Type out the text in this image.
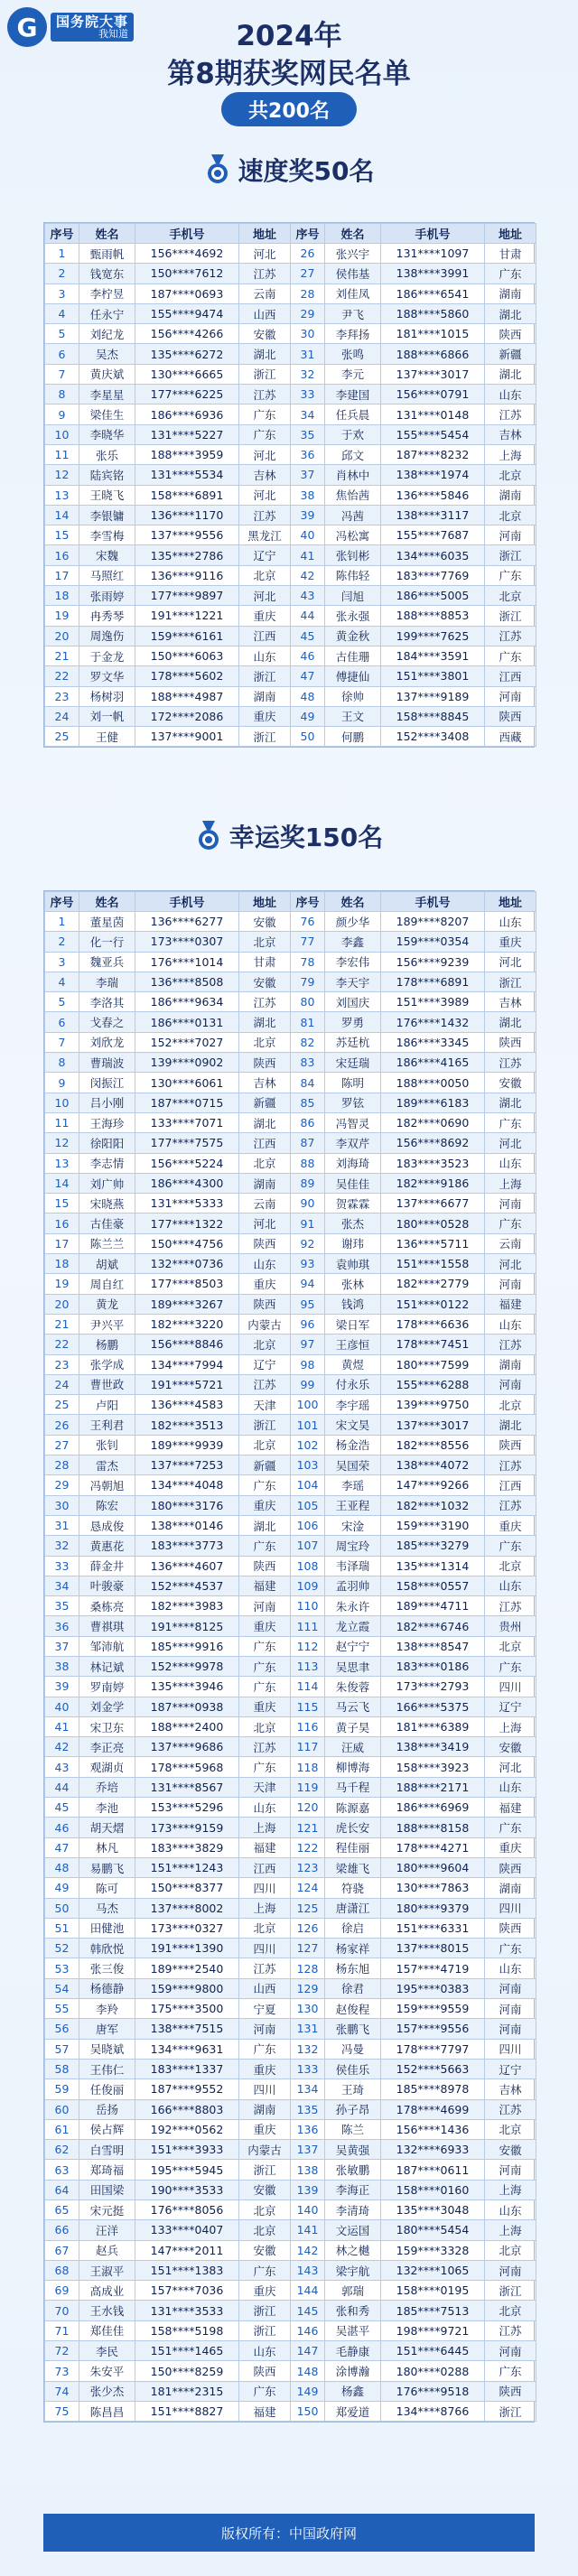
G	国务院大事
我知道	2024年
第8期获奖网民名单
共200名
速度奖50名
序号	姓名	手机号	地址	序号	姓名	手机号	地址
1	甄雨帆	156****4692	河北	26	张兴宇	131****1097	甘肃
2	钱宽东	150****7612	江苏	27	侯伟基	138****3991	广东
3	李柠昱	187****0693	云南	28	刘佳凤	186****6541	湖南
4	任永宁	155****9474	山西	29	尹飞	188****5860	湖北
5	刘纪龙	156****4266	安徽	30	李拜扬	181****1015	陕西
6	吴杰	135****6272	湖北	31	张鸣	188****6866	新疆
7	黄庆斌	130****6665	浙江	32	李元	137****3017	湖北
8	李星星	177****6225	江苏	33	李建国	156****0791	山东
9	梁佳生	186****6936	广东	34	任兵晨	131****0148	江苏
10	李晓华	131****5227	广东	35	于欢	155****5454	吉林
11	张乐	188****3959	河北	36	邱文	187****8232	上海
12	陆宾铭	131****5534	吉林	37	肖林中	138****1974	北京
13	王晓飞	158****6891	河北	38	焦怡茜	136****5846	湖南
14	李银镛	136****1170	江苏	39	冯茜	138****3117	北京
15	李雪梅	137****9556	黑龙江	40	冯松寓	155****7687	河南
16	宋魏	135****2786	辽宁	41	张钊彬	134****6035	浙江
17	马照红	136****9116	北京	42	陈伟轻	183****7769	广东
18	张雨婷	177****9897	河北	43	闫旭	186****5005	北京
19	冉秀琴	191****1221	重庆	44	张永强	188****8853	浙江
20	周逸伤	159****6161	江西	45	黄金秋	199****7625	江苏
21	于金龙	150****6063	山东	46	古佳珊	184****3591	广东
22	罗文华	178****5602	浙江	47	傅捷仙	151****3801	江西
23	杨树羽	188****4987	湖南	48	徐帅	137****9189	河南
24	刘一帆	172****2086	重庆	49	王文	158****8845	陕西
25	王健	137****9001	浙江	50	何鹏	152****3408	西藏
幸运奖150名
序号	姓名	手机号	地址	序号	姓名	手机号	地址
1	董星茵	136****6277	安徽	76	颜少华	189****8207	山东
2	化一行	173****0307	北京	77	李鑫	159****0354	重庆
3	魏亚兵	176****1014	甘肃	78	李宏伟	156****9239	河北
4	李瑞	136****8508	安徽	79	李天宇	178****6891	浙江
5	李洛其	186****9634	江苏	80	刘国庆	151****3989	吉林
6	戈春之	186****0131	湖北	81	罗勇	176****1432	湖北
7	刘欣龙	152****7027	北京	82	苏廷杭	186****3345	陕西
8	曹瑞波	139****0902	陕西	83	宋廷瑞	186****4165	江苏
9	闵振江	130****6061	吉林	84	陈明	188****0050	安徽
10	吕小刚	187****0715	新疆	85	罗铉	189****6183	湖北
11	王海珍	133****7071	湖北	86	冯智灵	182****0690	广东
12	徐阳阳	177****7575	江西	87	李双芹	156****8692	河北
13	李志情	156****5224	北京	88	刘海琦	183****3523	山东
14	刘广帅	186****4300	湖南	89	吴佳佳	182****9186	上海
15	宋晓燕	131****5333	云南	90	贺霖霖	137****6677	河南
16	古佳豪	177****1322	河北	91	张杰	180****0528	广东
17	陈兰兰	150****4756	陕西	92	谢玮	136****5711	云南
18	胡斌	132****0736	山东	93	袁帅琪	151****1558	河北
19	周自红	177****8503	重庆	94	张林	182****2779	河南
20	黄龙	189****3267	陕西	95	钱鸿	151****0122	福建
21	尹兴平	182****3220	内蒙古	96	梁日军	178****6636	山东
22	杨鹏	156****8846	北京	97	王彦恒	178****7451	江苏
23	张学成	134****7994	辽宁	98	黄煜	180****7599	湖南
24	曹世政	191****5721	江苏	99	付永乐	155****6288	河南
25	卢阳	136****4583	天津	100	李宇瑶	139****9750	北京
26	王利君	182****3513	浙江	101	宋文昊	137****3017	湖北
27	张钊	189****9939	北京	102	杨金浩	182****8556	陕西
28	雷杰	137****7253	新疆	103	吴国荣	138****4072	江苏
29	冯朝旭	134****4048	广东	104	李瑶	147****9266	江西
30	陈宏	180****3176	重庆	105	王亚程	182****1032	江苏
31	恳成俊	138****0146	湖北	106	宋淦	159****3190	重庆
32	黄惠花	183****3773	广东	107	周宝玲	185****3279	广东
33	薛金井	136****4607	陕西	108	韦泽瑞	135****1314	北京
34	叶骏豪	152****4537	福建	109	孟羽帅	158****0557	山东
35	桑栋亮	182****3983	河南	110	朱永许	189****4711	江苏
36	曹祺琪	191****8125	重庆	111	龙立霞	182****6746	贵州
37	邹沛航	185****9916	广东	112	赵宁宁	138****8547	北京
38	林记斌	152****9978	广东	113	吴思聿	183****0186	广东
39	罗南婷	135****3946	广东	114	朱俊蓉	173****2793	四川
40	刘金学	187****0938	重庆	115	马云飞	166****5375	辽宁
41	宋卫东	188****2400	北京	116	黄子昊	181****6389	上海
42	李正亮	137****9686	江苏	117	汪威	138****3419	安徽
43	观湖贞	178****5968	广东	118	柳博海	158****3923	河北
44	乔培	131****8567	天津	119	马千程	188****2171	山东
45	李池	153****5296	山东	120	陈源嘉	186****6969	福建
46	胡天熠	173****9159	上海	121	虎长安	188****8158	广东
47	林凡	183****3829	福建	122	程佳丽	178****4271	重庆
48	易鹏飞	151****1243	江西	123	梁雄飞	180****9604	陕西
49	陈可	150****8377	四川	124	符骁	130****7863	湖南
50	马杰	137****8002	上海	125	唐潇江	180****9379	四川
51	田健池	173****0327	北京	126	徐启	151****6331	陕西
52	韩欣悦	191****1390	四川	127	杨家祥	137****8015	广东
53	张三俊	189****2540	江苏	128	杨东旭	157****4719	山东
54	杨德静	159****9800	山西	129	徐君	195****0383	河南
55	李羚	175****3500	宁夏	130	赵俊程	159****9559	河南
56	唐军	138****7515	河南	131	张鹏飞	157****9556	河南
57	吴晓斌	134****9631	广东	132	冯曼	178****7797	四川
58	王伟仁	183****1337	重庆	133	侯佳乐	152****5663	辽宁
59	任俊丽	187****9552	四川	134	王琦	185****8978	吉林
60	岳扬	166****8803	湖南	135	孙子昂	178****4699	江苏
61	侯占辉	192****0562	重庆	136	陈兰	156****1436	北京
62	白雪明	151****3933	内蒙古	137	吴黄强	132****6933	安徽
63	郑琦福	195****5945	浙江	138	张敏鹏	187****0611	河南
64	田国梁	190****3533	安徽	139	李海正	158****0160	上海
65	宋元挺	176****8056	北京	140	李清琦	135****3048	山东
66	汪洋	133****0407	北京	141	文运国	180****5454	上海
67	赵兵	147****2011	安徽	142	林之樾	159****3328	北京
68	王淑平	151****1383	广东	143	梁宇航	132****1065	河南
69	高成业	157****7036	重庆	144	郭瑞	158****0195	浙江
70	王水钱	131****3533	浙江	145	张和秀	185****7513	北京
71	郑佳佳	158****5198	浙江	146	吴湛平	198****9721	江苏
72	李民	151****1465	山东	147	毛静康	151****6445	河南
73	朱安平	150****8259	陕西	148	涂博瀚	180****0288	广东
74	张少杰	181****2315	广东	149	杨鑫	176****9518	陕西
75	陈昌昌	151****8827	福建	150	郑爱道	134****8766	浙江
版权所有：中国政府网
